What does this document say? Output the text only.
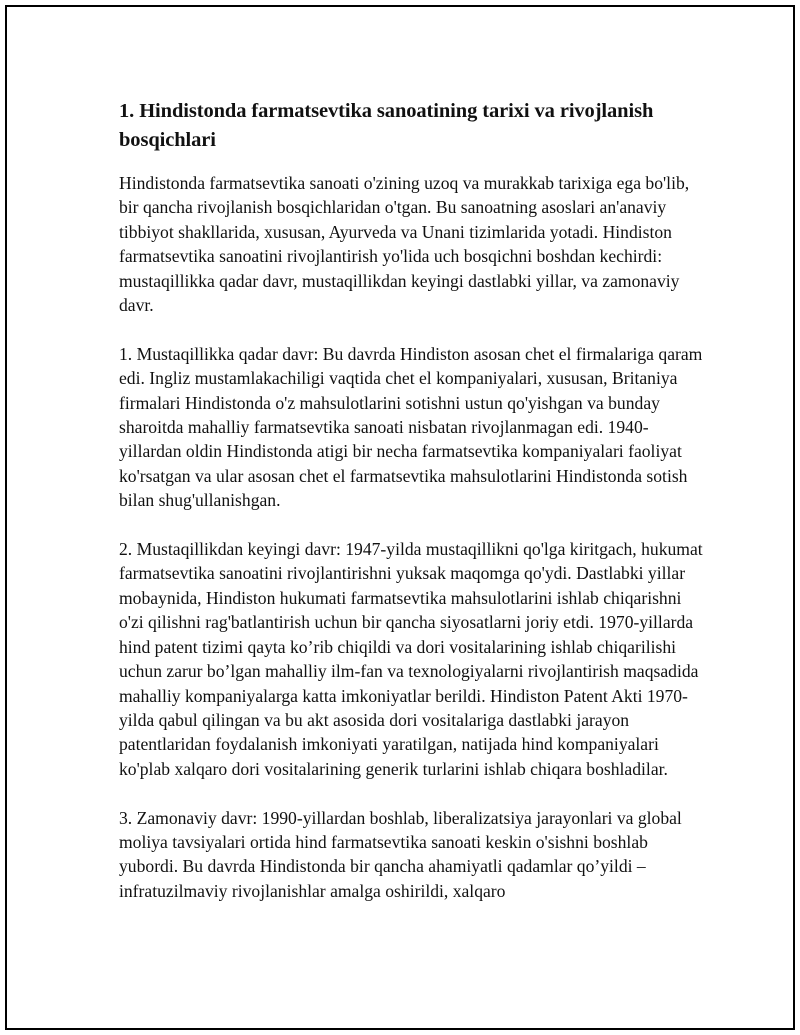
1. Hindistonda farmatsevtika sanoatining tarixi va rivojlanish bosqichlari

Hindistonda farmatsevtika sanoati o'zining uzoq va murakkab tarixiga ega bo'lib, bir qancha rivojlanish bosqichlaridan o'tgan. Bu sanoatning asoslari an'anaviy tibbiyot shakllarida, xususan, Ayurveda va Unani tizimlarida yotadi. Hindiston farmatsevtika sanoatini rivojlantirish yo'lida uch bosqichni boshdan kechirdi: mustaqillikka qadar davr, mustaqillikdan keyingi dastlabki yillar, va zamonaviy davr.

1. Mustaqillikka qadar davr: Bu davrda Hindiston asosan chet el firmalariga qaram edi. Ingliz mustamlakachiligi vaqtida chet el kompaniyalari, xususan, Britaniya firmalari Hindistonda o'z mahsulotlarini sotishni ustun qo'yishgan va bunday sharoitda mahalliy farmatsevtika sanoati nisbatan rivojlanmagan edi. 1940-yillardan oldin Hindistonda atigi bir necha farmatsevtika kompaniyalari faoliyat ko'rsatgan va ular asosan chet el farmatsevtika mahsulotlarini Hindistonda sotish bilan shug'ullanishgan.

2. Mustaqillikdan keyingi davr: 1947-yilda mustaqillikni qo'lga kiritgach, hukumat farmatsevtika sanoatini rivojlantirishni yuksak maqomga qo'ydi. Dastlabki yillar mobaynida, Hindiston hukumati farmatsevtika mahsulotlarini ishlab chiqarishni o'zi qilishni rag'batlantirish uchun bir qancha siyosatlarni joriy etdi. 1970-yillarda hind patent tizimi qayta ko’rib chiqildi va dori vositalarining ishlab chiqarilishi uchun zarur bo’lgan mahalliy ilm-fan va texnologiyalarni rivojlantirish maqsadida mahalliy kompaniyalarga katta imkoniyatlar berildi. Hindiston Patent Akti 1970-yilda qabul qilingan va bu akt asosida dori vositalariga dastlabki jarayon patentlaridan foydalanish imkoniyati yaratilgan, natijada hind kompaniyalari ko'plab xalqaro dori vositalarining generik turlarini ishlab chiqara boshladilar.

3. Zamonaviy davr: 1990-yillardan boshlab, liberalizatsiya jarayonlari va global moliya tavsiyalari ortida hind farmatsevtika sanoati keskin o'sishni boshlab yubordi. Bu davrda Hindistonda bir qancha ahamiyatli qadamlar qo’yildi – infratuzilmaviy rivojlanishlar amalga oshirildi, xalqaro
